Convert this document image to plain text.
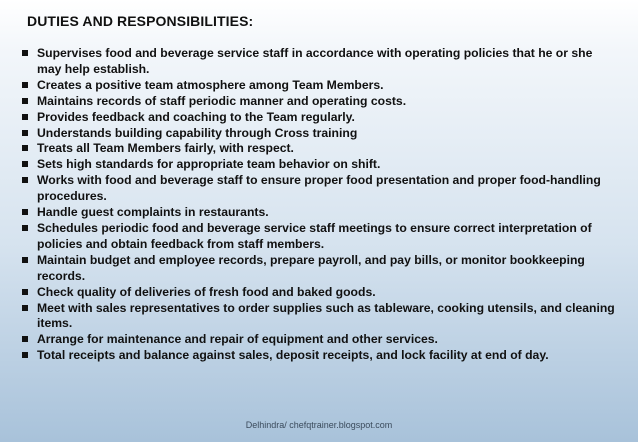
DUTIES AND RESPONSIBILITIES:
Supervises food and beverage service staff in accordance with operating policies that he or she may help establish.
Creates a positive team atmosphere among Team Members.
Maintains records of staff periodic manner and operating costs.
Provides feedback and coaching to the Team regularly.
Understands building capability through Cross training
Treats all Team Members fairly, with respect.
Sets high standards for appropriate team behavior on shift.
Works with food and beverage staff to ensure proper food presentation and proper food-handling procedures.
Handle guest complaints in restaurants.
Schedules periodic food and beverage service staff meetings to ensure correct interpretation of policies and obtain feedback from staff members.
Maintain budget and employee records, prepare payroll, and pay bills, or monitor bookkeeping records.
Check quality of deliveries of fresh food and baked goods.
Meet with sales representatives to order supplies such as tableware, cooking utensils, and cleaning items.
Arrange for maintenance and repair of equipment and other services.
Total receipts and balance against sales, deposit receipts, and lock facility at end of day.
Delhindra/ chefqtrainer.blogspot.com
